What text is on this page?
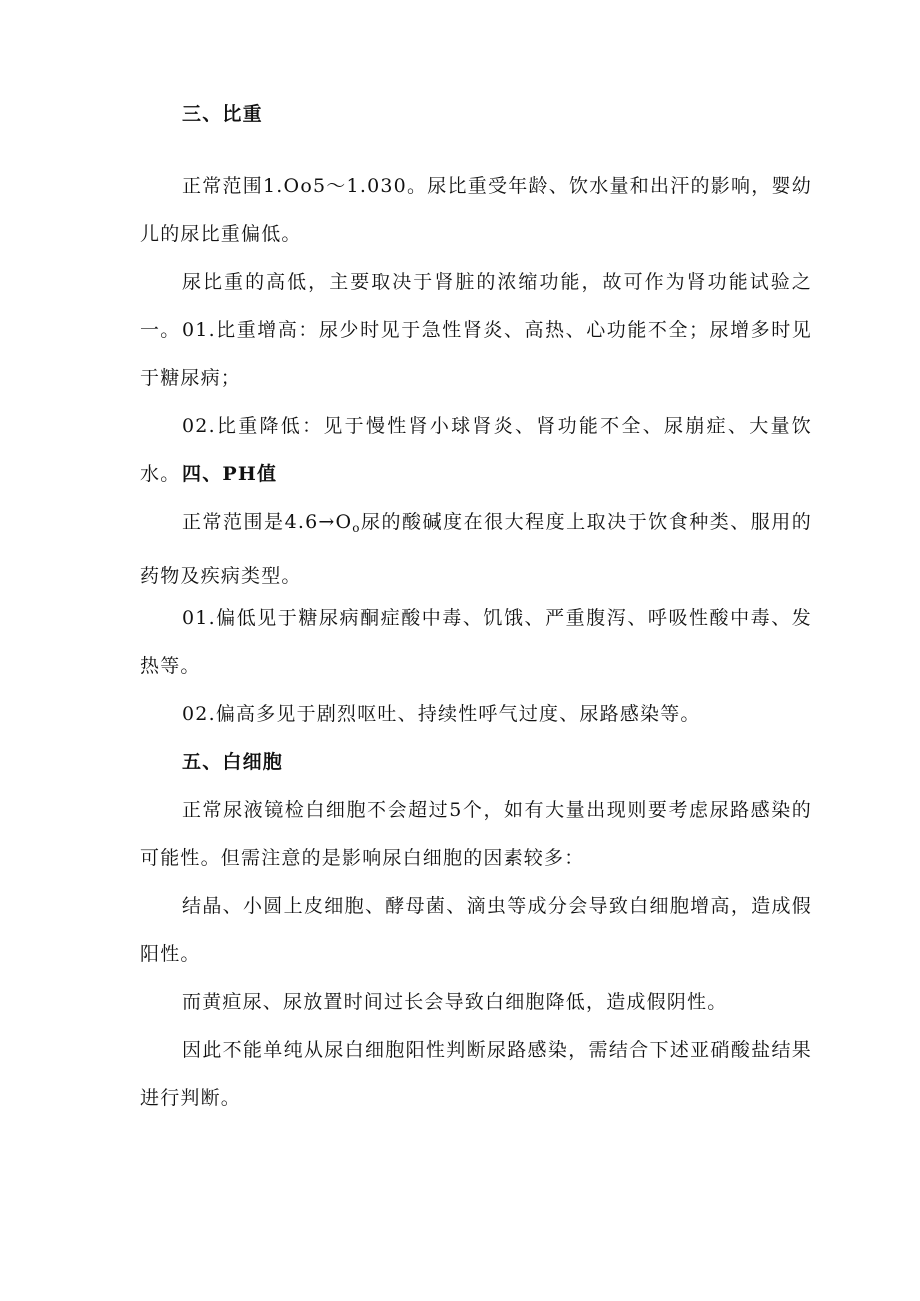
三、比重

正常范围1.Oo5～1.030。尿比重受年龄、饮水量和出汗的影响，婴幼儿的尿比重偏低。

尿比重的高低，主要取决于肾脏的浓缩功能，故可作为肾功能试验之一。 01.比重增高：尿少时见于急性肾炎、高热、心功能不全；尿增多时见于糖尿病；

02.比重降低：见于慢性肾小球肾炎、肾功能不全、尿崩症、大量饮水。 四、PH值

正常范围是$4.6\to O_o$尿的酸碱度在很大程度上取决于饮食种类、服用的药物及疾病类型。

01.偏低见于糖尿病酮症酸中毒、饥饿、严重腹泻、呼吸性酸中毒、发热等。

02.偏高多见于剧烈呕吐、持续性呼气过度、尿路感染等。

五、白细胞

正常尿液镜检白细胞不会超过5个，如有大量出现则要考虑尿路感染的可能性。但需注意的是影响尿白细胞的因素较多：

结晶、小圆上皮细胞、酵母菌、滴虫等成分会导致白细胞增高，造成假阳性。

而黄疸尿、尿放置时间过长会导致白细胞降低，造成假阴性。

因此不能单纯从尿白细胞阳性判断尿路感染，需结合下述亚硝酸盐结果进行判断。
